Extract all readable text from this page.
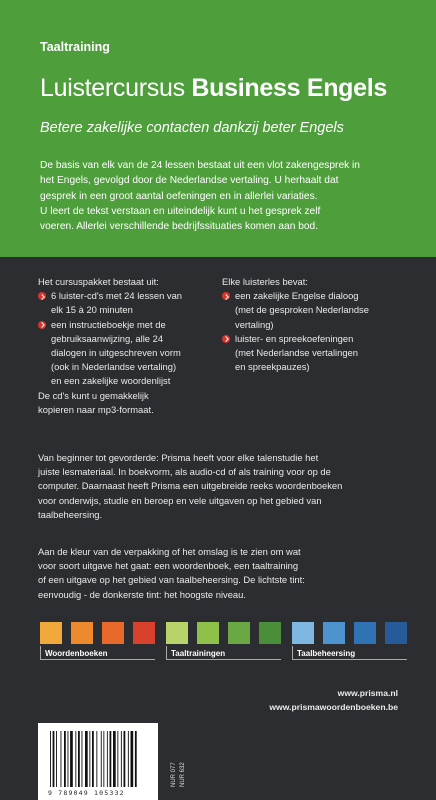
Taaltraining
Luistercursus Business Engels
Betere zakelijke contacten dankzij beter Engels
De basis van elk van de 24 lessen bestaat uit een vlot zakengesprek in
het Engels, gevolgd door de Nederlandse vertaling. U herhaalt dat
gesprek in een groot aantal oefeningen en in allerlei variaties.
U leert de tekst verstaan en uiteindelijk kunt u het gesprek zelf
voeren. Allerlei verschillende bedrijfssituaties komen aan bod.
Het cursuspakket bestaat uit:
6 luister-cd's met 24 lessen van
elk 15 à 20 minuten
een instructieboekje met de
gebruiksaanwijzing, alle 24
dialogen in uitgeschreven vorm
(ook in Nederlandse vertaling)
en een zakelijke woordenlijst
De cd's kunt u gemakkelijk
kopieren naar mp3-formaat.
Elke luisterles bevat:
een zakelijke Engelse dialoog
(met de gesproken Nederlandse
vertaling)
luister- en spreekoefeningen
(met Nederlandse vertalingen
en spreekpauzes)
Van beginner tot gevorderde: Prisma heeft voor elke talenstudie het
juiste lesmateriaal. In boekvorm, als audio-cd of als training voor op de
computer. Daarnaast heeft Prisma een uitgebreide reeks woordenboeken
voor onderwijs, studie en beroep en vele uitgaven op het gebied van
taalbeheersing.
Aan de kleur van de verpakking of het omslag is te zien om wat
voor soort uitgave het gaat: een woordenboek, een taaltraining
of een uitgave op het gebied van taalbeheersing. De lichtste tint:
eenvoudig - de donkerste tint: het hoogste niveau.
Woordenboeken	Taaltrainingen	Taalbeheersing
www.prisma.nl
www.prismawoordenboeken.be
9 789049 105332
NUR 077 NUR 632
